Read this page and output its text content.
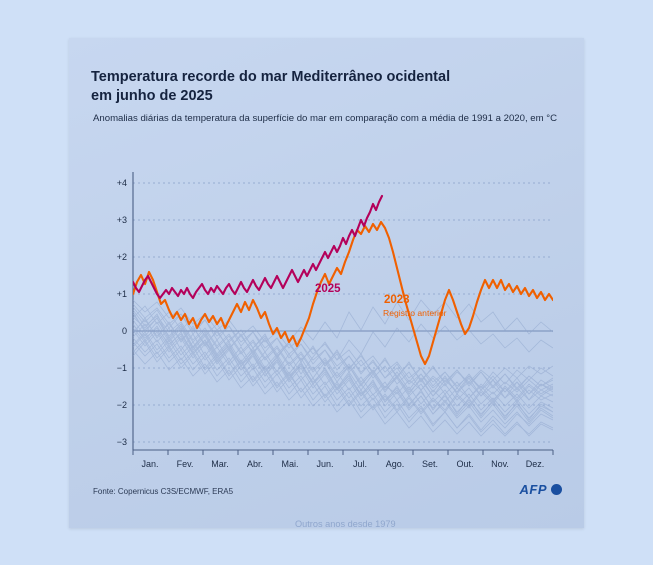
Temperatura recorde do mar Mediterrâneo ocidental
em junho de 2025
Anomalias diárias da temperatura da superfície do mar em comparação com a média de 1991 a 2020, em °C
+4
+3
+2
+1
0
−1
−2
−3
Jan. Fev. Mar. Abr. Mai. Jun. Jul. Ago. Set. Out. Nov. Dez.
2025
2023
Registro anterior
Outros anos desde 1979
Fonte: Copernicus C3S/ECMWF, ERA5	AFP
